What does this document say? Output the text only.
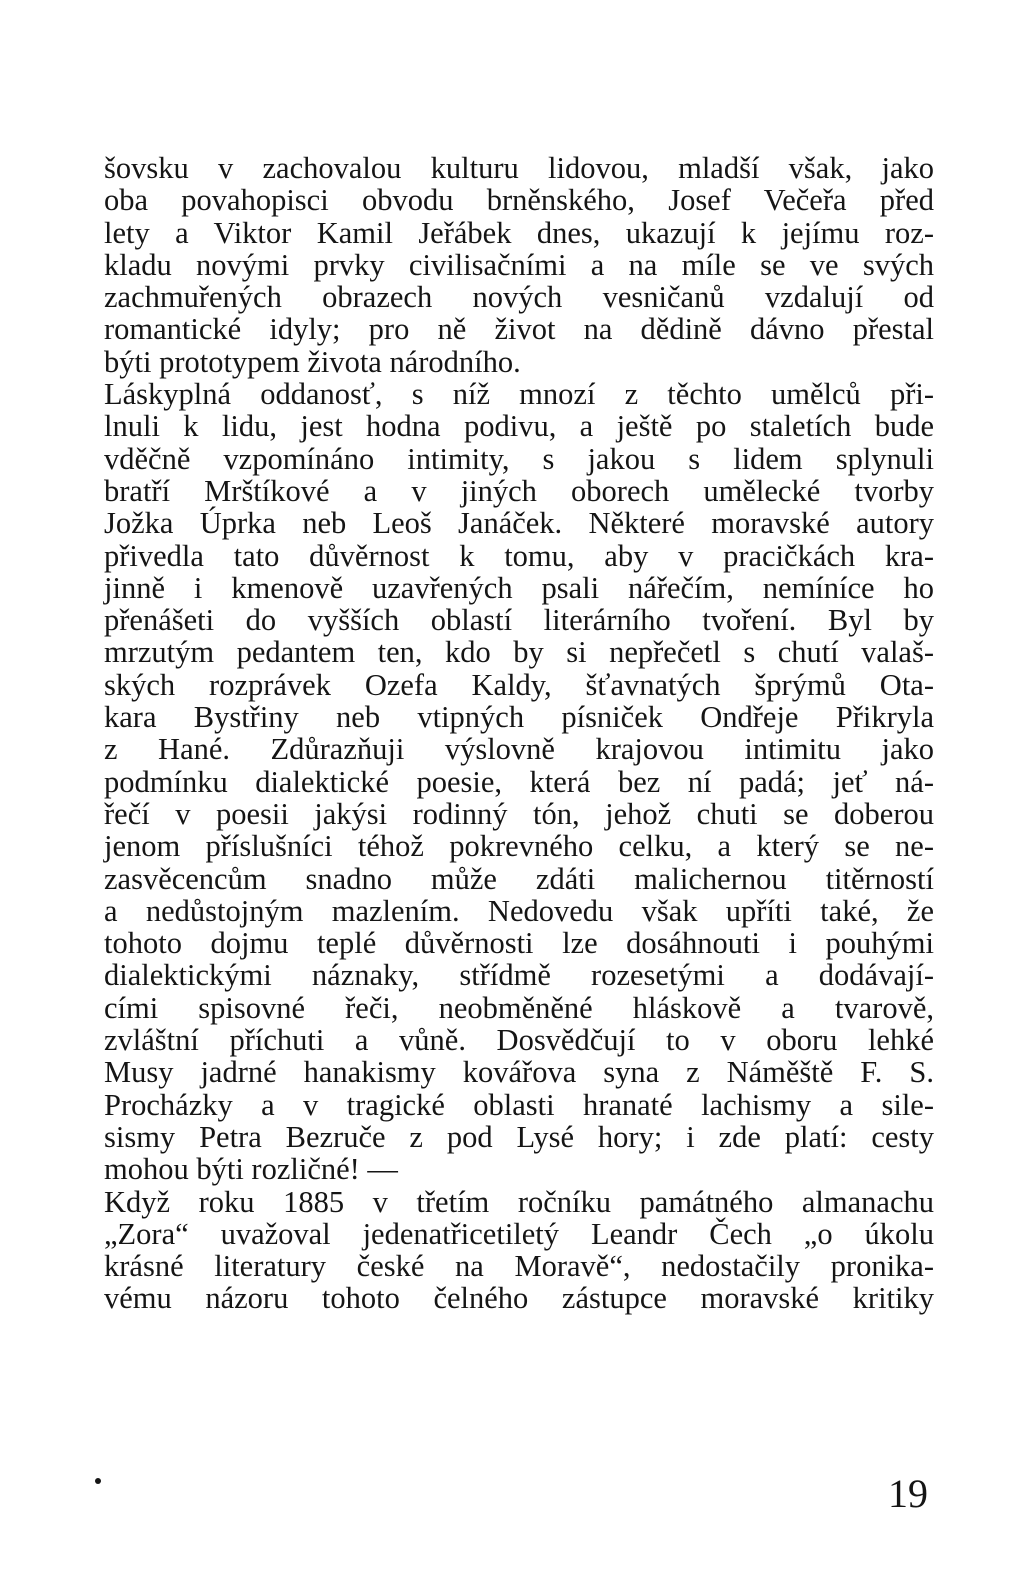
šovsku v zachovalou kulturu lidovou, mladší však, jako
oba povahopisci obvodu brněnského, Josef Večeřa před
lety a Viktor Kamil Jeřábek dnes, ukazují k jejímu roz-
kladu novými prvky civilisačními a na míle se ve svých
zachmuřených obrazech nových vesničanů vzdalují od
romantické idyly; pro ně život na dědině dávno přestal
býti prototypem života národního.
Láskyplná oddanosť, s níž mnozí z těchto umělců při-
lnuli k lidu, jest hodna podivu, a ještě po staletích bude
vděčně vzpomínáno intimity, s jakou s lidem splynuli
bratří Mrštíkové a v jiných oborech umělecké tvorby
Jožka Úprka neb Leoš Janáček. Některé moravské autory
přivedla tato důvěrnost k tomu, aby v pracičkách kra-
jinně i kmenově uzavřených psali nářečím, nemíníce ho
přenášeti do vyšších oblastí literárního tvoření. Byl by
mrzutým pedantem ten, kdo by si nepřečetl s chutí valaš-
ských rozprávek Ozefa Kaldy, šťavnatých šprýmů Ota-
kara Bystřiny neb vtipných písniček Ondřeje Přikryla
z Hané. Zdůrazňuji výslovně krajovou intimitu jako
podmínku dialektické poesie, která bez ní padá; jeť ná-
řečí v poesii jakýsi rodinný tón, jehož chuti se doberou
jenom příslušníci téhož pokrevného celku, a který se ne-
zasvěcencům snadno může zdáti malichernou titěrností
a nedůstojným mazlením. Nedovedu však upříti také, že
tohoto dojmu teplé důvěrnosti lze dosáhnouti i pouhými
dialektickými náznaky, střídmě rozesetými a dodávají-
cími spisovné řeči, neobměněné hláskově a tvarově,
zvláštní příchuti a vůně. Dosvědčují to v oboru lehké
Musy jadrné hanakismy kovářova syna z Náměště F. S.
Procházky a v tragické oblasti hranaté lachismy a sile-
sismy Petra Bezruče z pod Lysé hory; i zde platí: cesty
mohou býti rozličné! —
Když roku 1885 v třetím ročníku památného almanachu
„Zora“ uvažoval jedenatřicetiletý Leandr Čech „o úkolu
krásné literatury české na Moravě“, nedostačily pronika-
vému názoru tohoto čelného zástupce moravské kritiky
19
